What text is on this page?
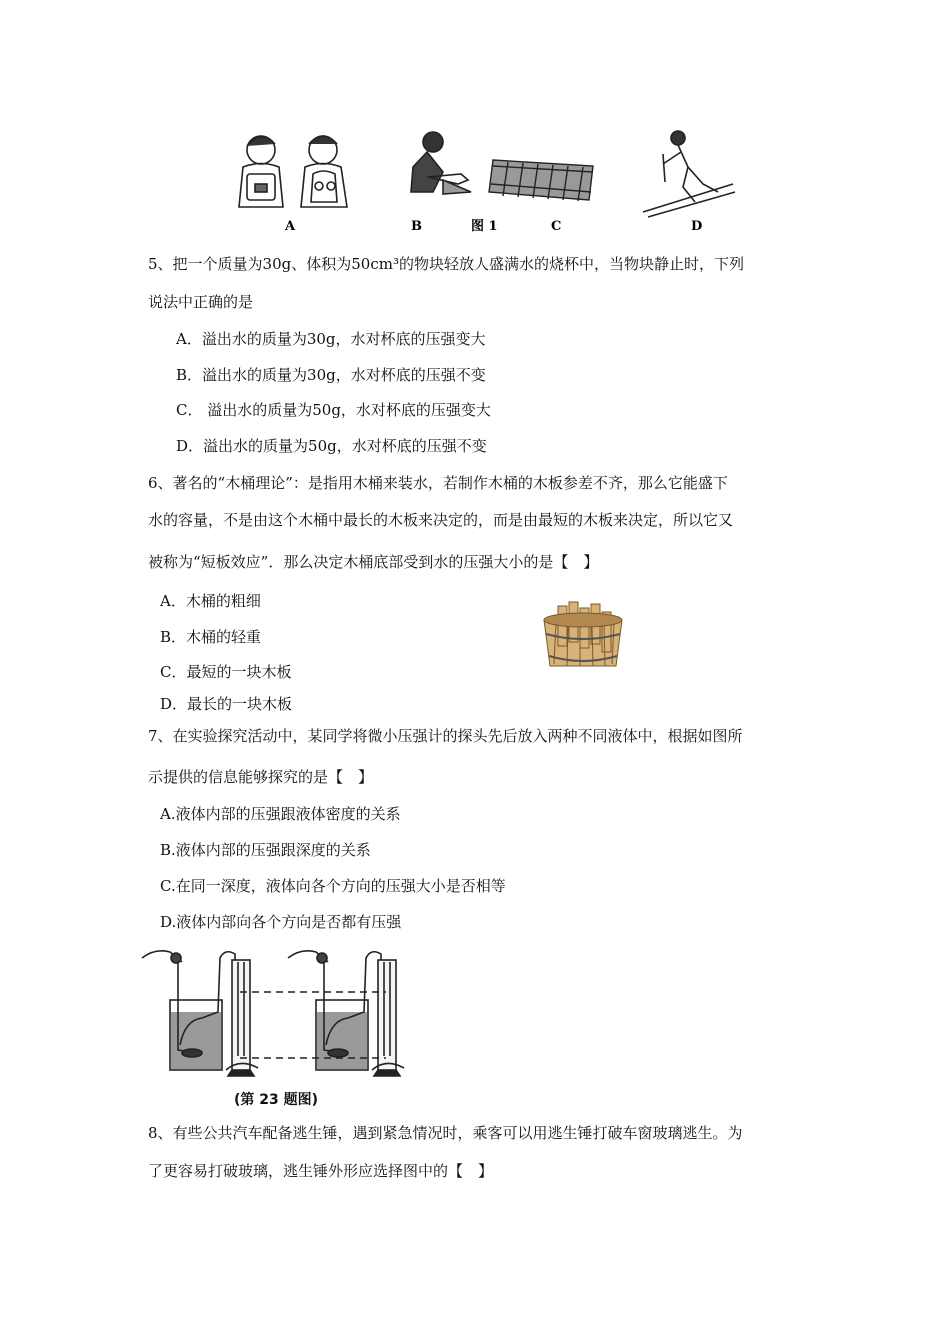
A	B	图 1	C	D
5、把一个质量为30g、体积为50cm³的物块轻放人盛满水的烧杯中，当物块静止时，下列
说法中正确的是
A．溢出水的质量为30g，水对杯底的压强变大
B．溢出水的质量为30g，水对杯底的压强不变
C． 溢出水的质量为50g，水对杯底的压强变大
D．溢出水的质量为50g，水对杯底的压强不变
6、著名的“木桶理论”：是指用木桶来装水，若制作木桶的木板参差不齐，那么它能盛下
水的容量，不是由这个木桶中最长的木板来决定的，而是由最短的木板来决定，所以它又
被称为“短板效应”．那么决定木桶底部受到水的压强大小的是【　】
A．木桶的粗细
B．木桶的轻重
C．最短的一块木板
D．最长的一块木板
7、在实验探究活动中，某同学将微小压强计的探头先后放入两种不同液体中，根据如图所
示提供的信息能够探究的是【　】
A.液体内部的压强跟液体密度的关系
B.液体内部的压强跟深度的关系
C.在同一深度，液体向各个方向的压强大小是否相等
D.液体内部向各个方向是否都有压强
(第 23 题图)
8、有些公共汽车配备逃生锤，遇到紧急情况时，乘客可以用逃生锤打破车窗玻璃逃生。为
了更容易打破玻璃，逃生锤外形应选择图中的【　】
